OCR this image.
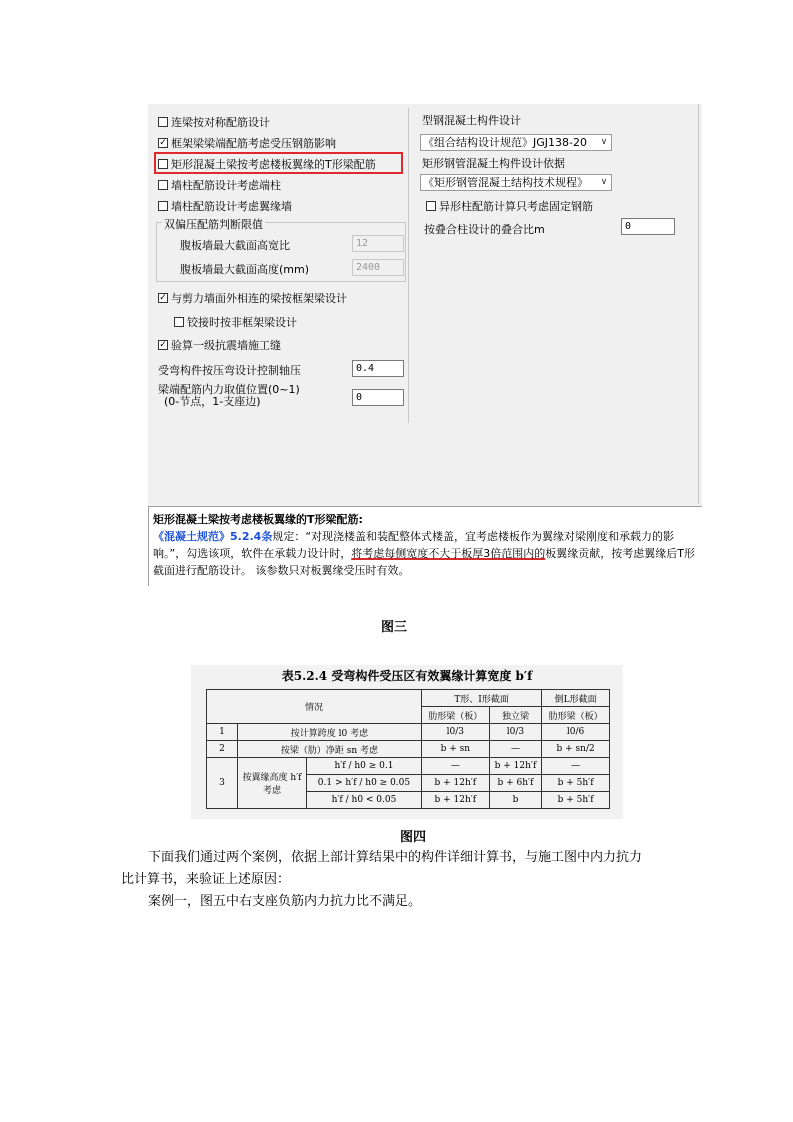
连梁按对称配筋设计
✓ 框架梁梁端配筋考虑受压钢筋影响
矩形混凝土梁按考虑楼板翼缘的T形梁配筋
墙柱配筋设计考虑端柱
墙柱配筋设计考虑翼缘墙
双偏压配筋判断限值
腹板墙最大截面高宽比	12
腹板墙最大截面高度(mm)	2400
✓ 与剪力墙面外相连的梁按框架梁设计
铰接时按非框架梁设计
✓ 验算一级抗震墙施工缝
受弯构件按压弯设计控制轴压	0.4
梁端配筋内力取值位置(0~1)
(0-节点，1-支座边)	0
型钢混凝土构件设计
《组合结构设计规范》JGJ138-20	∨
矩形钢管混凝土构件设计依据
《矩形钢管混凝土结构技术规程》	∨
异形柱配筋计算只考虑固定钢筋
按叠合柱设计的叠合比m	0
矩形混凝土梁按考虑楼板翼缘的T形梁配筋:
《混凝土规范》5.2.4条规定：“对现浇楼盖和装配整体式楼盖，宜考虑楼板作为翼缘对梁刚度和承载力的影响。”，勾选该项，软件在承载力设计时，将考虑每侧宽度不大于板厚3倍范围内的板翼缘贡献，按考虑翼缘后T形截面进行配筋设计。 该参数只对板翼缘受压时有效。
图三
表5.2.4 受弯构件受压区有效翼缘计算宽度 b′f
情况			T形、I形截面		倒L形截面
			肋形梁（板）	独立梁	肋形梁（板）
1	按计算跨度 l0 考虑		l0/3	l0/3	l0/6
2	按梁（肋）净距 sn 考虑		b + sn	—	b + sn/2
3	按翼缘高度 h′f 考虑	h′f / h0 ≥ 0.1	—	b + 12h′f	—
		0.1 > h′f / h0 ≥ 0.05	b + 12h′f	b + 6h′f	b + 5h′f
		h′f / h0 < 0.05	b + 12h′f	b	b + 5h′f
图四
下面我们通过两个案例，依据上部计算结果中的构件详细计算书，与施工图中内力抗力
比计算书，来验证上述原因：
案例一，图五中右支座负筋内力抗力比不满足。
